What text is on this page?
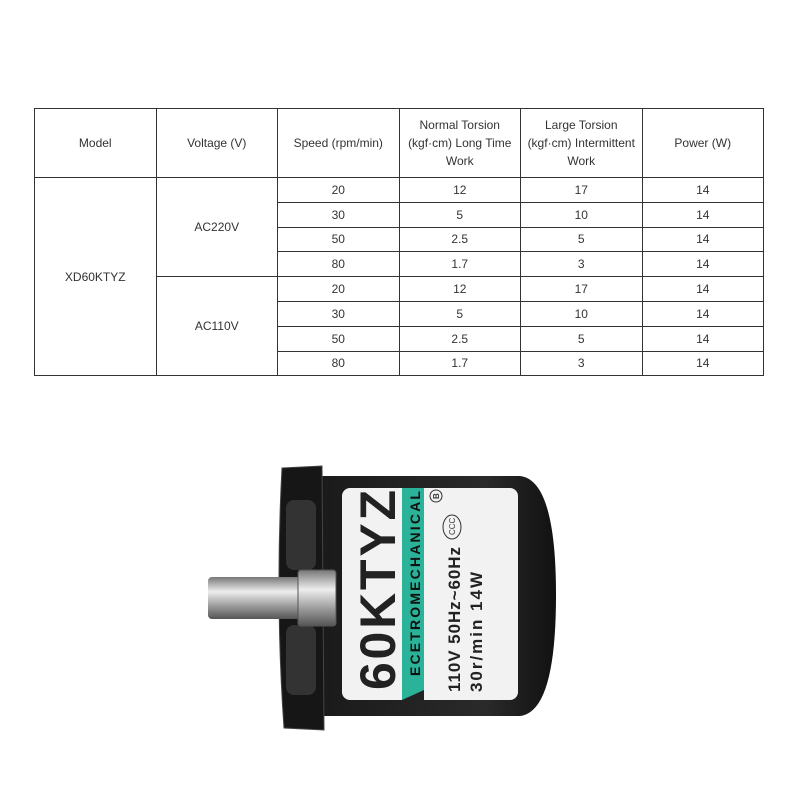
Model	Voltage (V)	Speed (rpm/min)	Normal Torsion (kgf·cm) Long Time Work	Large Torsion (kgf·cm) Intermittent Work	Power (W)
XD60KTYZ	AC220V	20	12	17	14
		30	5	10	14
		50	2.5	5	14
		80	1.7	3	14
	AC110V	20	12	17	14
		30	5	10	14
		50	2.5	5	14
		80	1.7	3	14
60KTYZ
ECETROMECHANICAL
110V 50Hz~60Hz
30r/min 14W
CCC
B
